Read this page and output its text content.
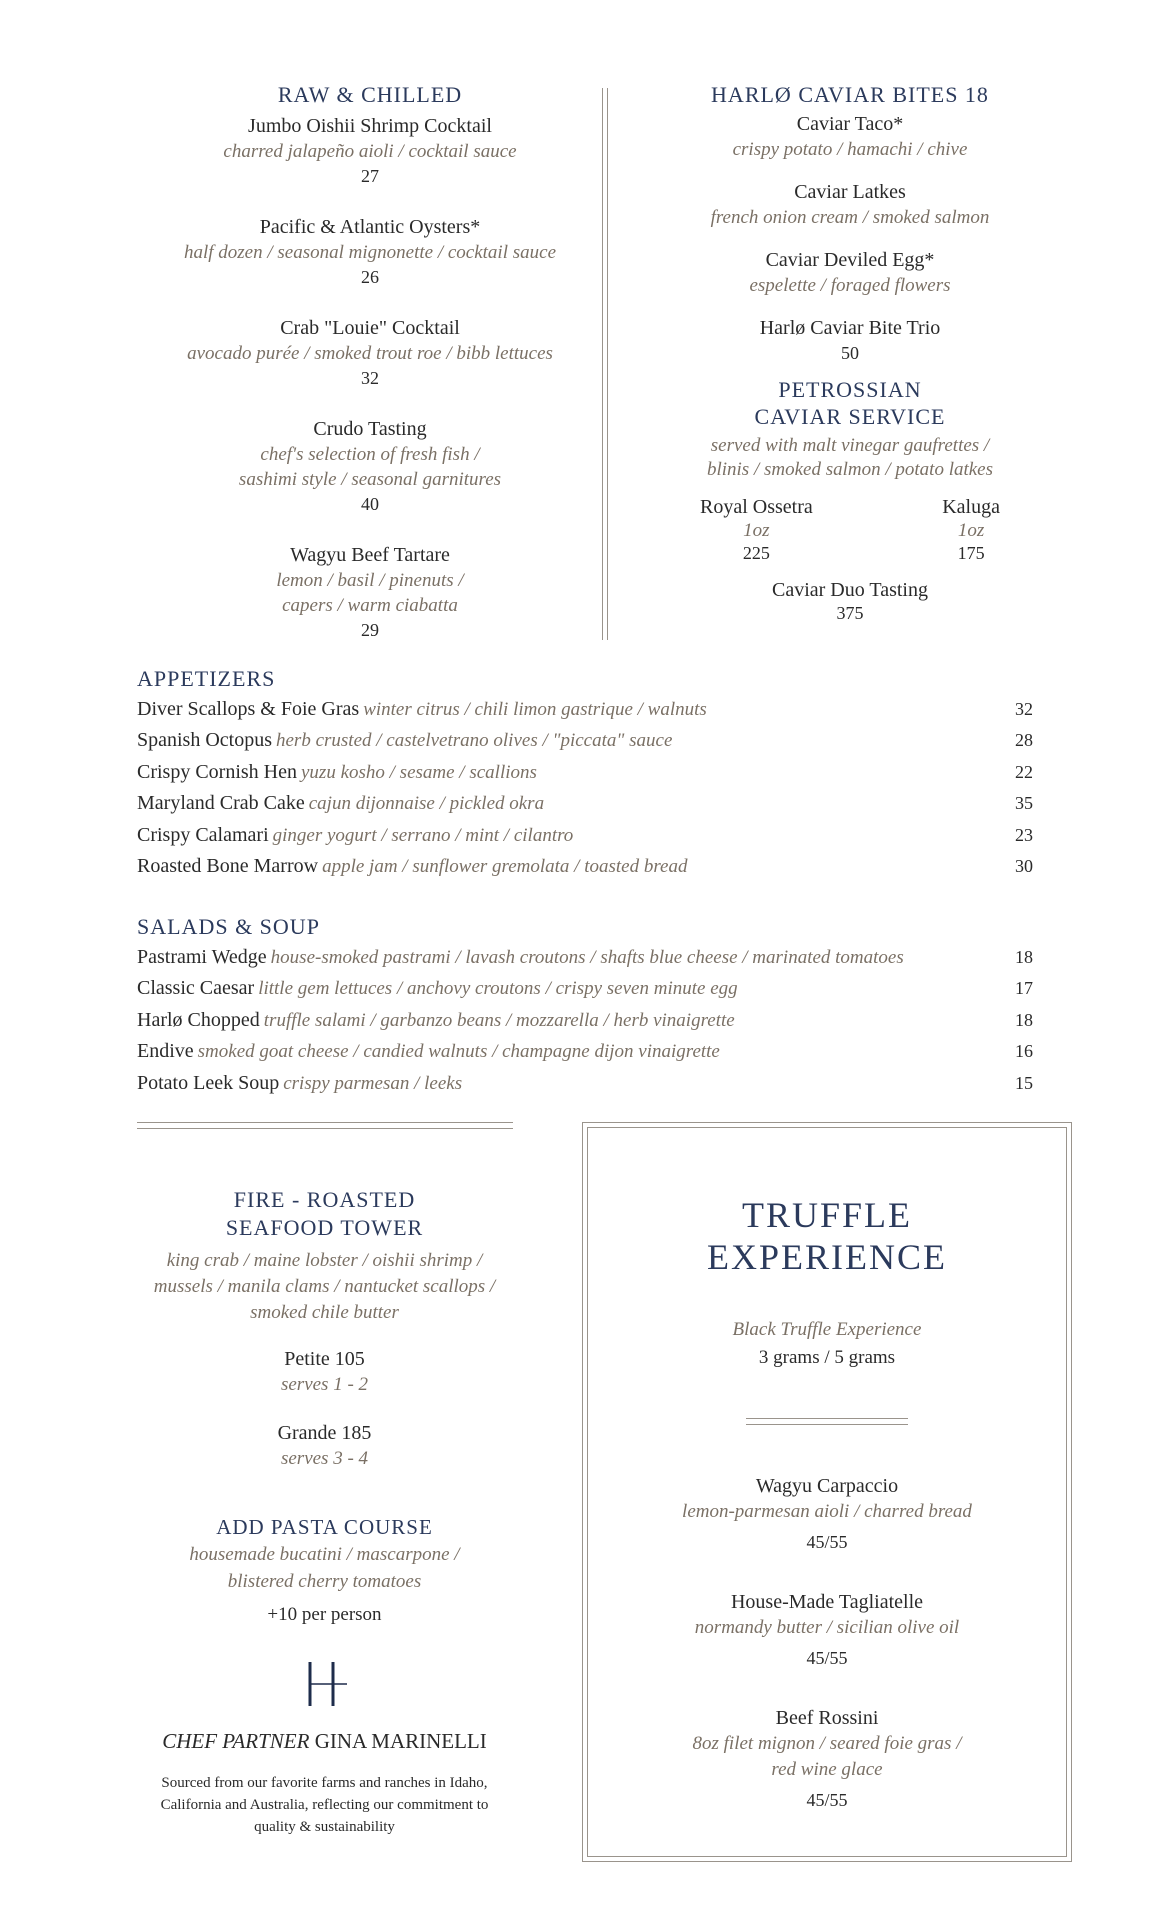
RAW & CHILLED
Jumbo Oishii Shrimp Cocktail
charred jalapeño aioli / cocktail sauce
27
Pacific & Atlantic Oysters*
half dozen / seasonal mignonette / cocktail sauce
26
Crab "Louie" Cocktail
avocado purée / smoked trout roe / bibb lettuces
32
Crudo Tasting
chef's selection of fresh fish /
sashimi style / seasonal garnitures
40
Wagyu Beef Tartare
lemon / basil / pinenuts /
capers / warm ciabatta
29
HARLØ CAVIAR BITES 18
Caviar Taco*
crispy potato / hamachi / chive
Caviar Latkes
french onion cream / smoked salmon
Caviar Deviled Egg*
espelette / foraged flowers
Harlø Caviar Bite Trio
50
PETROSSIAN
CAVIAR SERVICE
served with malt vinegar gaufrettes /
blinis / smoked salmon / potato latkes
Royal Ossetra
1oz
225
Kaluga
1oz
175
Caviar Duo Tasting
375
APPETIZERS
Diver Scallops & Foie Gras winter citrus / chili limon gastrique / walnuts	32
Spanish Octopus herb crusted / castelvetrano olives / "piccata" sauce	28
Crispy Cornish Hen yuzu kosho / sesame / scallions	22
Maryland Crab Cake cajun dijonnaise / pickled okra	35
Crispy Calamari ginger yogurt / serrano / mint / cilantro	23
Roasted Bone Marrow apple jam / sunflower gremolata / toasted bread	30
SALADS & SOUP
Pastrami Wedge house-smoked pastrami / lavash croutons / shafts blue cheese / marinated tomatoes	18
Classic Caesar little gem lettuces / anchovy croutons / crispy seven minute egg	17
Harlø Chopped truffle salami / garbanzo beans / mozzarella / herb vinaigrette	18
Endive smoked goat cheese / candied walnuts / champagne dijon vinaigrette	16
Potato Leek Soup crispy parmesan / leeks	15
FIRE - ROASTED
SEAFOOD TOWER
king crab / maine lobster / oishii shrimp /
mussels / manila clams / nantucket scallops /
smoked chile butter
Petite 105
serves 1 - 2
Grande 185
serves 3 - 4
ADD PASTA COURSE
housemade bucatini / mascarpone /
blistered cherry tomatoes
+10 per person
CHEF PARTNER GINA MARINELLI
Sourced from our favorite farms and ranches in Idaho,
California and Australia, reflecting our commitment to
quality & sustainability
TRUFFLE
EXPERIENCE
Black Truffle Experience
3 grams / 5 grams
Wagyu Carpaccio
lemon-parmesan aioli / charred bread
45/55
House-Made Tagliatelle
normandy butter / sicilian olive oil
45/55
Beef Rossini
8oz filet mignon / seared foie gras /
red wine glace
45/55
